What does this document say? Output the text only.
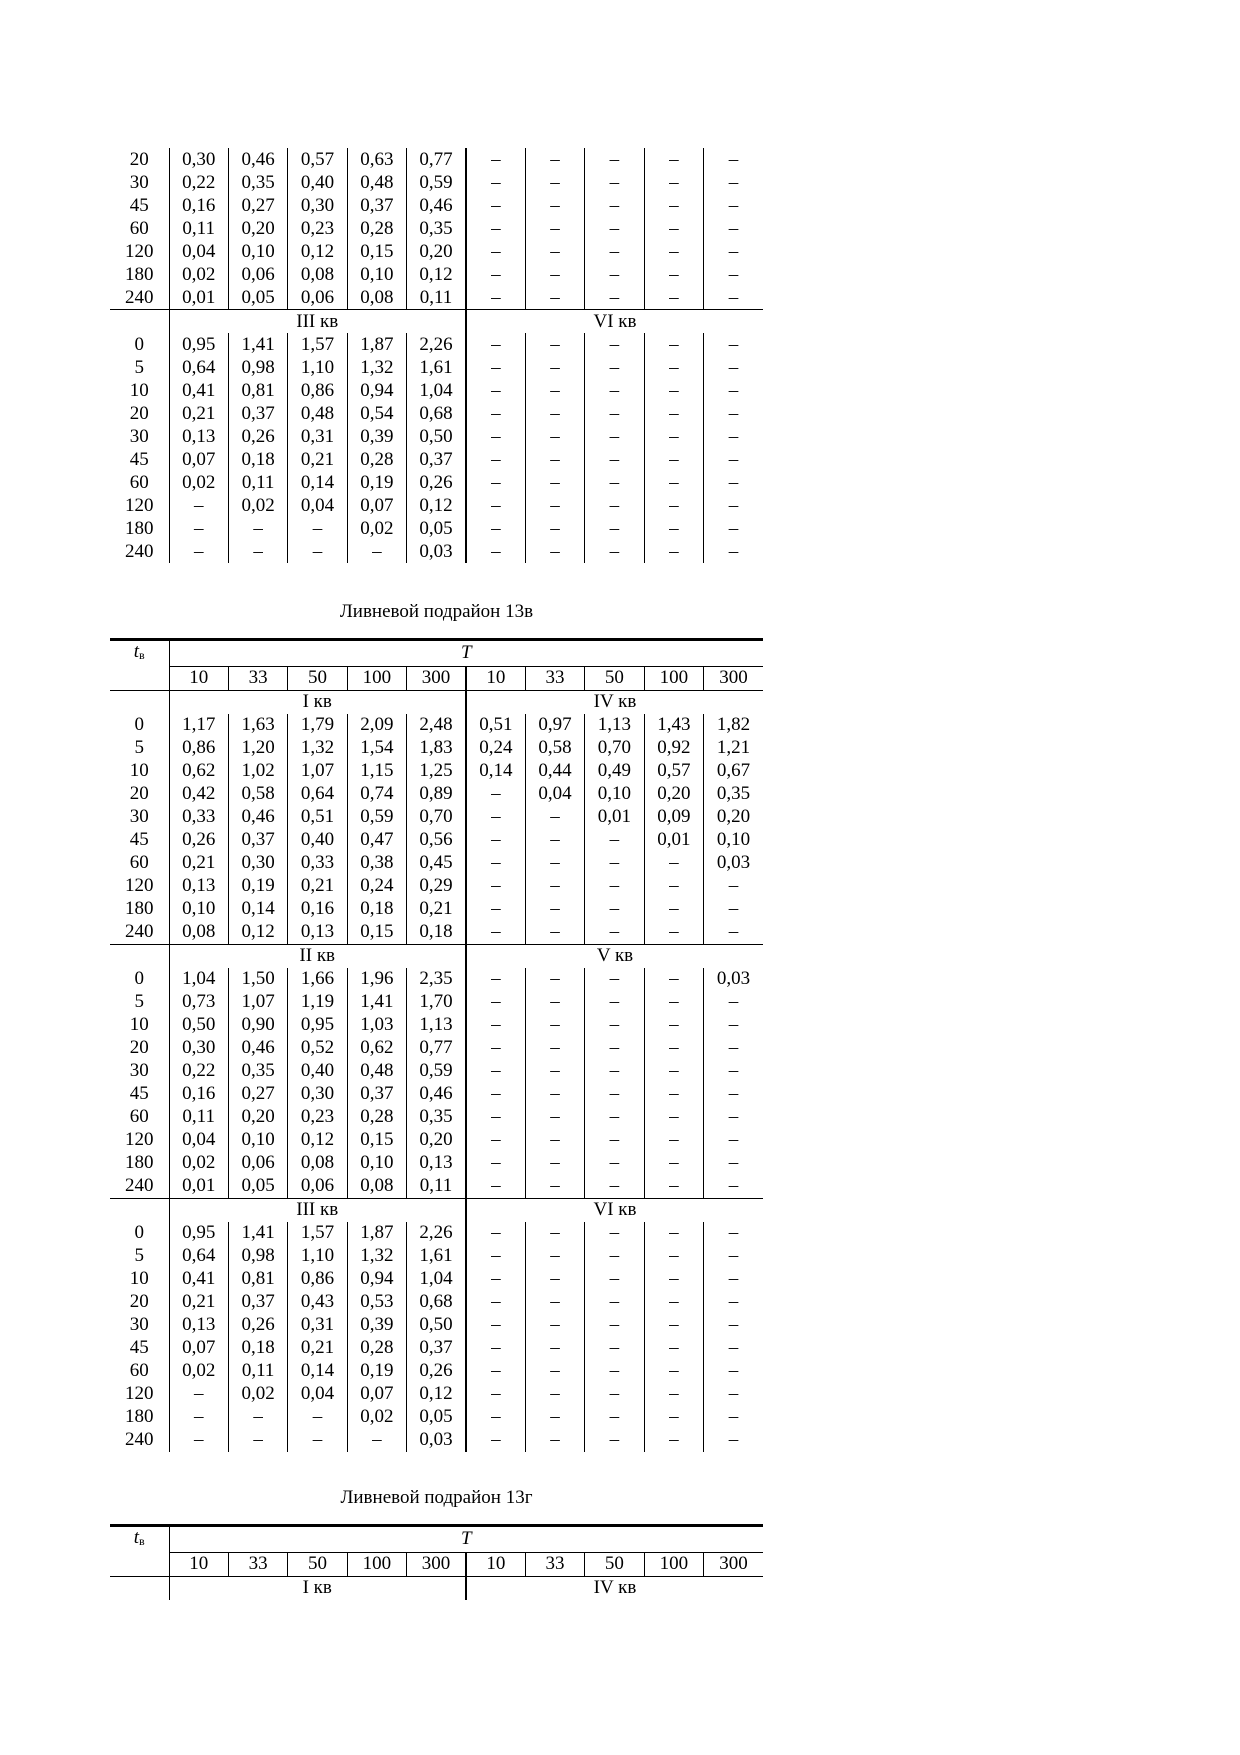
20	0,30	0,46	0,57	0,63	0,77	–	–	–	–	–
30	0,22	0,35	0,40	0,48	0,59	–	–	–	–	–
45	0,16	0,27	0,30	0,37	0,46	–	–	–	–	–
60	0,11	0,20	0,23	0,28	0,35	–	–	–	–	–
120	0,04	0,10	0,12	0,15	0,20	–	–	–	–	–
180	0,02	0,06	0,08	0,10	0,12	–	–	–	–	–
240	0,01	0,05	0,06	0,08	0,11	–	–	–	–	–
	III кв					VI кв				
0	0,95	1,41	1,57	1,87	2,26	–	–	–	–	–
5	0,64	0,98	1,10	1,32	1,61	–	–	–	–	–
10	0,41	0,81	0,86	0,94	1,04	–	–	–	–	–
20	0,21	0,37	0,48	0,54	0,68	–	–	–	–	–
30	0,13	0,26	0,31	0,39	0,50	–	–	–	–	–
45	0,07	0,18	0,21	0,28	0,37	–	–	–	–	–
60	0,02	0,11	0,14	0,19	0,26	–	–	–	–	–
120	–	0,02	0,04	0,07	0,12	–	–	–	–	–
180	–	–	–	0,02	0,05	–	–	–	–	–
240	–	–	–	–	0,03	–	–	–	–	–
Ливневой подрайон 13в
tв	T									
	10	33	50	100	300	10	33	50	100	300
	I кв					IV кв				
0	1,17	1,63	1,79	2,09	2,48	0,51	0,97	1,13	1,43	1,82
5	0,86	1,20	1,32	1,54	1,83	0,24	0,58	0,70	0,92	1,21
10	0,62	1,02	1,07	1,15	1,25	0,14	0,44	0,49	0,57	0,67
20	0,42	0,58	0,64	0,74	0,89	–	0,04	0,10	0,20	0,35
30	0,33	0,46	0,51	0,59	0,70	–	–	0,01	0,09	0,20
45	0,26	0,37	0,40	0,47	0,56	–	–	–	0,01	0,10
60	0,21	0,30	0,33	0,38	0,45	–	–	–	–	0,03
120	0,13	0,19	0,21	0,24	0,29	–	–	–	–	–
180	0,10	0,14	0,16	0,18	0,21	–	–	–	–	–
240	0,08	0,12	0,13	0,15	0,18	–	–	–	–	–
	II кв					V кв				
0	1,04	1,50	1,66	1,96	2,35	–	–	–	–	0,03
5	0,73	1,07	1,19	1,41	1,70	–	–	–	–	–
10	0,50	0,90	0,95	1,03	1,13	–	–	–	–	–
20	0,30	0,46	0,52	0,62	0,77	–	–	–	–	–
30	0,22	0,35	0,40	0,48	0,59	–	–	–	–	–
45	0,16	0,27	0,30	0,37	0,46	–	–	–	–	–
60	0,11	0,20	0,23	0,28	0,35	–	–	–	–	–
120	0,04	0,10	0,12	0,15	0,20	–	–	–	–	–
180	0,02	0,06	0,08	0,10	0,13	–	–	–	–	–
240	0,01	0,05	0,06	0,08	0,11	–	–	–	–	–
	III кв					VI кв				
0	0,95	1,41	1,57	1,87	2,26	–	–	–	–	–
5	0,64	0,98	1,10	1,32	1,61	–	–	–	–	–
10	0,41	0,81	0,86	0,94	1,04	–	–	–	–	–
20	0,21	0,37	0,43	0,53	0,68	–	–	–	–	–
30	0,13	0,26	0,31	0,39	0,50	–	–	–	–	–
45	0,07	0,18	0,21	0,28	0,37	–	–	–	–	–
60	0,02	0,11	0,14	0,19	0,26	–	–	–	–	–
120	–	0,02	0,04	0,07	0,12	–	–	–	–	–
180	–	–	–	0,02	0,05	–	–	–	–	–
240	–	–	–	–	0,03	–	–	–	–	–
Ливневой подрайон 13г
tв	T									
	10	33	50	100	300	10	33	50	100	300
	I кв					IV кв				
